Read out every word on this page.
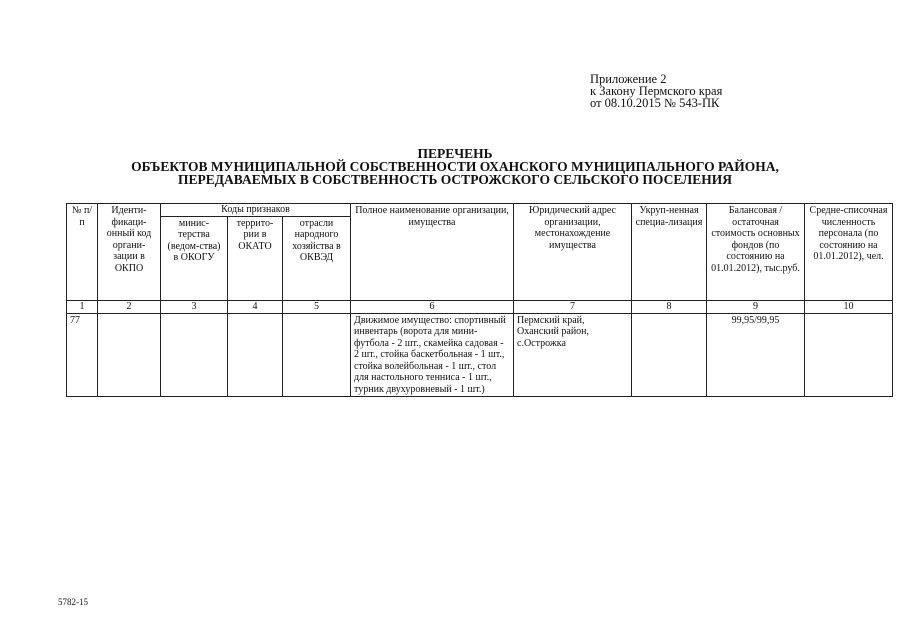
Приложение 2
к Закону Пермского края
от 08.10.2015 № 543-ПК
ПЕРЕЧЕНЬ
ОБЪЕКТОВ МУНИЦИПАЛЬНОЙ СОБСТВЕННОСТИ ОХАНСКОГО МУНИЦИПАЛЬНОГО РАЙОНА,
ПЕРЕДАВАЕМЫХ В СОБСТВЕННОСТЬ ОСТРОЖСКОГО СЕЛЬСКОГО ПОСЕЛЕНИЯ
№ п/п	Иденти-фикаци-онный код органи-зации в ОКПО	Коды признаков			Полное наименование организации, имущества	Юридический адрес организации, местонахождение имущества	Укруп-ненная специа-лизация	Балансовая / остаточная стоимость основных фондов (по состоянию на 01.01.2012), тыс.руб.	Средне-списочная численность персонала (по состоянию на 01.01.2012), чел.
		минис-терства (ведом-ства) в ОКОГУ	террито-рии в ОКАТО	отрасли народного хозяйства в ОКВЭД					
1	2	3	4	5	6	7	8	9	10
77					Движимое имущество: спортивный инвентарь (ворота для мини-футбола - 2 шт., скамейка садовая - 2 шт., стойка баскетбольная - 1 шт., стойка волейбольная - 1 шт., стол для настольного тенниса - 1 шт., турник двухуровневый - 1 шт.)	Пермский край, Оханский район, с.Острожка		99,95/99,95	
5782-15
